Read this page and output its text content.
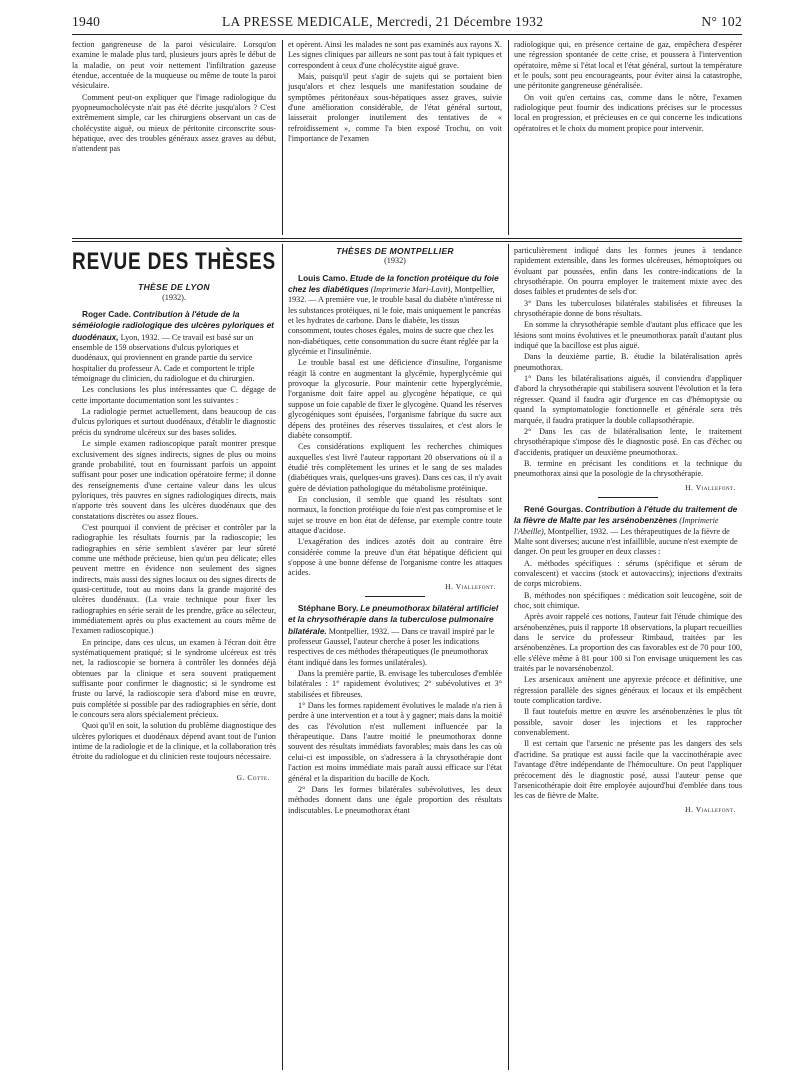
1940	LA PRESSE MEDICALE, Mercredi, 21 Décembre 1932	N° 102

fection gangreneuse de la paroi vésiculaire. Lorsqu'on examine le malade plus tard, plusieurs jours après le début de la maladie, on peut voir nettement l'infiltration gazeuse étendue, accentuée de la muqueuse ou même de toute la paroi vésiculaire.

Comment peut-on expliquer que l'image radiologique du pyopneumocholécyste n'ait pas été décrite jusqu'alors ? C'est extrêmement simple, car les chirurgiens observant un cas de cholécystite aiguë, ou mieux de péritonite circonscrite sous-hépatique, avec des troubles généraux assez graves au début, n'attendent pas

et opèrent. Ainsi les malades ne sont pas examinés aux rayons X. Les signes cliniques par ailleurs ne sont pas tout à fait typiques et correspondent à ceux d'une cholécystite aiguë grave.

Mais, puisqu'il peut s'agir de sujets qui se portaient bien jusqu'alors et chez lesquels une manifestation soudaine de symptômes péritonéaux sous-hépatiques assez graves, suivie d'une amélioration considérable, de l'état général surtout, laisserait prolonger inutilement des tentatives de « refroidissement », comme l'a bien exposé Trochu, on voit l'importance de l'examen

radiologique qui, en présence certaine de gaz, empêchera d'espérer une régression spontanée de cette crise, et poussera à l'intervention opératoire, même si l'état local et l'état général, surtout la température et le pouls, sont peu encourageants, pour éviter ainsi la catastrophe, une péritonite gangreneuse généralisée.

On voit qu'en certains cas, comme dans le nôtre, l'examen radiologique peut fournir des indications précises sur le processus local en progression, et précieuses en ce qui concerne les indications opératoires et le choix du moment propice pour intervenir.

REVUE DES THÈSES
THÈSE DE LYON
(1932).

Roger Cade. Contribution à l'étude de la séméiologie radiologique des ulcères pyloriques et duodénaux, Lyon, 1932. — Ce travail est basé sur un ensemble de 159 observations d'ulcus pyloriques et duodénaux, qui proviennent en grande partie du service hospitalier du professeur A. Cade et comportent le triple témoignage du clinicien, du radiologue et du chirurgien.

Les conclusions les plus intéressantes que C. dégage de cette importante documentation sont les suivantes :

La radiologie permet actuellement, dans beaucoup de cas d'ulcus pyloriques et surtout duodénaux, d'établir le diagnostic précis du syndrome ulcéreux sur des bases solides.

Le simple examen radioscopique paraît montrer presque exclusivement des signes indirects, signes de plus ou moins grande probabilité, tout en fournissant parfois un appoint suffisant pour poser une indication opératoire ferme; il donne des renseignements d'une certaine valeur dans les ulcus pyloriques, très pauvres en signes radiologiques directs, mais n'apporte très souvent dans les ulcères duodénaux que des constatations discrètes ou assez floues.

C'est pourquoi il convient de préciser et contrôler par la radiographie les résultats fournis par la radioscopie; les radiographies en série semblent s'avérer par leur sûreté comme une méthode précieuse, bien qu'un peu délicate; elles peuvent mettre en évidence non seulement des signes indirects, mais aussi des signes locaux ou des signes directs de quasi-certitude, tout au moins dans la grande majorité des ulcères duodénaux. (La vraie technique pour fixer les radiographies en série serait de les prendre, grâce au sélecteur, immédiatement après ou plus exactement au cours même de l'examen radioscopique.)

En principe, dans ces ulcus, un examen à l'écran doit être systématiquement pratiqué; si le syndrome ulcéreux est très net, la radioscopie se bornera à contrôler les données déjà obtenues par la clinique et sera souvent pratiquement suffisante pour confirmer le diagnostic; si le syndrome est fruste ou larvé, la radioscopie sera d'abord mise en œuvre, puis complétée si possible par des radiographies en série, dont le concours sera alors spécialement précieux.

Quoi qu'il en soit, la solution du problème diagnostique des ulcères pyloriques et duodénaux dépend avant tout de l'union intime de la radiologie et de la clinique, et la collaboration très étroite du radiologue et du clinicien reste toujours nécessaire.

G. Cotte.

THÈSES DE MONTPELLIER
(1932)

Louis Camo. Etude de la fonction protéique du foie chez les diabétiques (Imprimerie Mari-Lavit), Montpellier, 1932. — A première vue, le trouble basal du diabète n'intéresse ni les substances protéiques, ni le foie, mais uniquement le pancréas et les hydrates de carbone. Dans le diabète, les tissus consomment, toutes choses égales, moins de sucre que chez les non-diabétiques, cette consommation du sucre étant réglée par la glycémie et l'insulinémie.

Le trouble basal est une déficience d'insuline, l'organisme réagit là contre en augmentant la glycémie, hyperglycémie qui provoque la glycosurie. Pour maintenir cette hyperglycémie, l'organisme doit faire appel au glycogène hépatique, ce qui suppose un foie capable de fixer le glycogène. Quand les réserves glycogéniques sont épuisées, l'organisme fabrique du sucre aux dépens des protéines des réserves tissulaires, et c'est alors le diabète consomptif.

Ces considérations expliquent les recherches chimiques auxquelles s'est livré l'auteur rapportant 20 observations où il a étudié très complètement les urines et le sang de ses malades (diabétiques vrais, quelques-uns graves). Dans ces cas, il n'y avait guère de déviation pathologique du métabolisme protéinique.

En conclusion, il semble que quand les résultats sont normaux, la fonction protéique du foie n'est pas compromise et le sujet se trouve en bon état de défense, par exemple contre toute attaque d'acidose.

L'exagération des indices azotés doit au contraire être considérée comme la preuve d'un état hépatique déficient qui s'oppose à une bonne défense de l'organisme contre les attaques acides.

H. Viallefont.

Stéphane Bory. Le pneumothorax bilatéral artificiel et la chrysothérapie dans la tuberculose pulmonaire bilatérale. Montpellier, 1932. — Dans ce travail inspiré par le professeur Gaussel, l'auteur cherche à poser les indications respectives de ces méthodes thérapeutiques (le pneumothorax étant indiqué dans les formes unilatérales).

Dans la première partie, B. envisage les tuberculoses d'emblée bilatérales : 1° rapidement évolutives; 2° subévolutives et 3° stabilisées et fibreuses.

1° Dans les formes rapidement évolutives le malade n'a rien à perdre à une intervention et a tout à y gagner; mais dans la moitié des cas l'évolution n'est nullement influencée par la thérapeutique. Dans l'autre moitié le pneumothorax donne souvent des résultats immédiats favorables; mais dans les cas où celui-ci est impossible, on s'adressera à la chrysothérapie dont l'action est moins immédiate mais paraît aussi efficace sur l'état général et la disparition du bacille de Koch.

2° Dans les formes bilatérales subévolutives, les deux méthodes donnent dans une égale proportion des résultats indiscutables. Le pneumothorax étant

particulièrement indiqué dans les formes jeunes à tendance rapidement extensible, dans les formes ulcéreuses, hémoptoïques ou évoluant par poussées, enfin dans les contre-indications de la chrysothérapie. On pourra employer le traitement mixte avec des doses faibles et prudentes de sels d'or.

3° Dans les tuberculoses bilatérales stabilisées et fibreuses la chrysothérapie donne de bons résultats.

En somme la chrysothérapie semble d'autant plus efficace que les lésions sont moins évolutives et le pneumothorax paraît d'autant plus indiqué que la bacillose est plus aiguë.

Dans la deuxième partie, B. étudie la bilatéralisation après pneumothorax.

1° Dans les bilatéralisations aiguës, il conviendra d'appliquer d'abord la chrysothérapie qui stabilisera souvent l'évolution et la fera régresser. Quand il faudra agir d'urgence en cas d'hémoptysie ou quand la symptomatologie fonctionnelle et générale sera très marquée, il faudra pratiquer la double collapsothérapie.

2° Dans les cas de bilatéralisation lente, le traitement chrysothérapique s'impose dès le diagnostic posé. En cas d'échec ou d'accidents, pratiquer un deuxième pneumothorax.

B. termine en précisant les conditions et la technique du pneumothorax ainsi que la posologie de la chrysothérapie.

H. Viallefont.

René Gourgas. Contribution à l'étude du traitement de la fièvre de Malte par les arsénobenzènes (Imprimerie l'Abeille), Montpellier, 1932. — Les thérapeutiques de la fièvre de Malte sont diverses; aucune n'est infaillible, aucune n'est exempte de danger. On peut les grouper en deux classes :

A. méthodes spécifiques : sérums (spécifique et sérum de convalescent) et vaccins (stock et autovaccins); injections d'extraits de corps microbiens.

B. méthodes non spécifiques : médication soit leucogène, soit de choc, soit chimique.

Après avoir rappelé ces notions, l'auteur fait l'étude chimique des arsénobenzènes, puis il rapporte 18 observations, la plupart recueillies dans le service du professeur Rimbaud, traitées par les arsénobenzènes. La proportion des cas favorables est de 70 pour 100, elle s'élève même à 81 pour 100 si l'on envisage uniquement les cas traités par le novarsénobenzol.

Les arsenicaux amènent une apyrexie précoce et définitive, une régression parallèle des signes généraux et locaux et ils empêchent toute complication tardive.

Il faut toutefois mettre en œuvre les arsénobenzènes le plus tôt possible, savoir doser les injections et les rapprocher convenablement.

Il est certain que l'arsenic ne présente pas les dangers des sels d'acridine. Sa pratique est aussi facile que la vaccinothérapie avec l'avantage d'être indépendante de l'hémoculture. On peut l'appliquer précocement dès le diagnostic posé, aussi l'auteur pense que l'arsenicothérapie doit être employée aujourd'hui d'emblée dans tous les cas de fièvre de Malte.

H. Viallefont.
